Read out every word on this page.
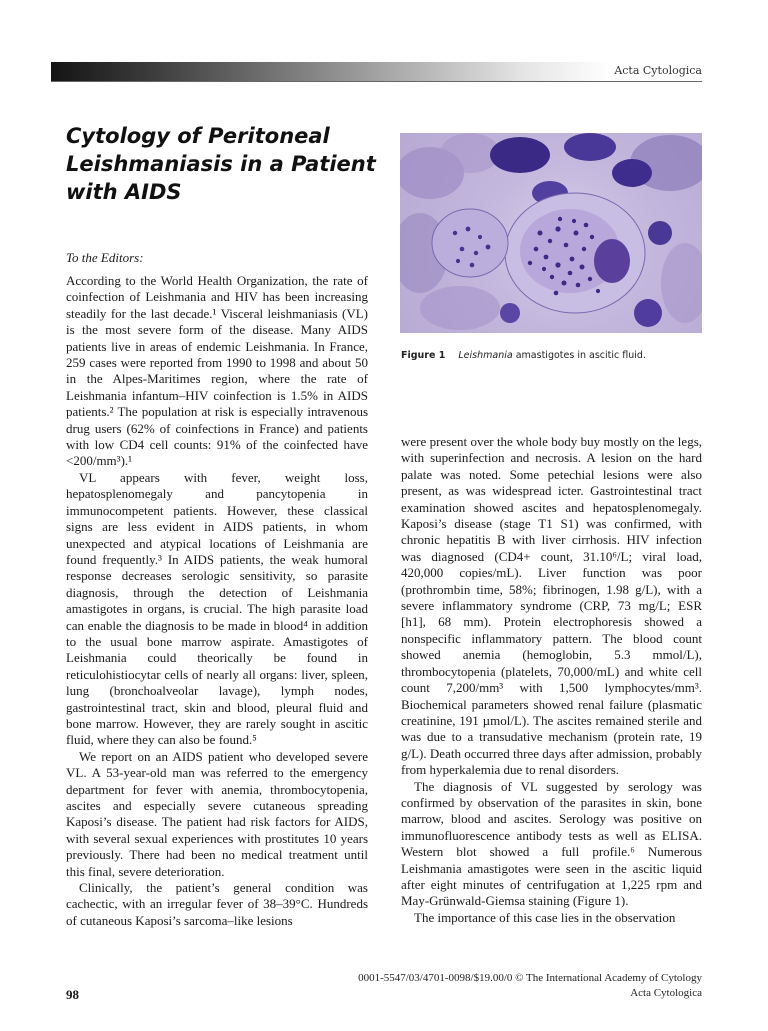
Acta Cytologica
Cytology of Peritoneal Leishmaniasis in a Patient with AIDS
To the Editors:

According to the World Health Organization, the rate of coinfection of Leishmania and HIV has been increasing steadily for the last decade.¹ Visceral leishmaniasis (VL) is the most severe form of the disease. Many AIDS patients live in areas of endemic Leishmania. In France, 259 cases were reported from 1990 to 1998 and about 50 in the Alpes-Maritimes region, where the rate of Leishmania infantum–HIV coinfection is 1.5% in AIDS patients.² The population at risk is especially intravenous drug users (62% of coinfections in France) and patients with low CD4 cell counts: 91% of the coinfected have <200/mm³).¹

VL appears with fever, weight loss, hepatosplenomegaly and pancytopenia in immunocompetent patients. However, these classical signs are less evident in AIDS patients, in whom unexpected and atypical locations of Leishmania are found frequently.³ In AIDS patients, the weak humoral response decreases serologic sensitivity, so parasite diagnosis, through the detection of Leishmania amastigotes in organs, is crucial. The high parasite load can enable the diagnosis to be made in blood⁴ in addition to the usual bone marrow aspirate. Amastigotes of Leishmania could theorically be found in reticulohistiocytar cells of nearly all organs: liver, spleen, lung (bronchoalveolar lavage), lymph nodes, gastrointestinal tract, skin and blood, pleural fluid and bone marrow. However, they are rarely sought in ascitic fluid, where they can also be found.⁵

We report on an AIDS patient who developed severe VL. A 53-year-old man was referred to the emergency department for fever with anemia, thrombocytopenia, ascites and especially severe cutaneous spreading Kaposi’s disease. The patient had risk factors for AIDS, with several sexual experiences with prostitutes 10 years previously. There had been no medical treatment until this final, severe deterioration.

Clinically, the patient’s general condition was cachectic, with an irregular fever of 38–39°C. Hundreds of cutaneous Kaposi’s sarcoma–like lesions

Figure 1 Leishmania amastigotes in ascitic fluid.

were present over the whole body buy mostly on the legs, with superinfection and necrosis. A lesion on the hard palate was noted. Some petechial lesions were also present, as was widespread icter. Gastrointestinal tract examination showed ascites and hepatosplenomegaly. Kaposi’s disease (stage T1 S1) was confirmed, with chronic hepatitis B with liver cirrhosis. HIV infection was diagnosed (CD4+ count, 31.10⁶/L; viral load, 420,000 copies/mL). Liver function was poor (prothrombin time, 58%; fibrinogen, 1.98 g/L), with a severe inflammatory syndrome (CRP, 73 mg/L; ESR [h1], 68 mm). Protein electrophoresis showed a nonspecific inflammatory pattern. The blood count showed anemia (hemoglobin, 5.3 mmol/L), thrombocytopenia (platelets, 70,000/mL) and white cell count 7,200/mm³ with 1,500 lymphocytes/mm³. Biochemical parameters showed renal failure (plasmatic creatinine, 191 µmol/L). The ascites remained sterile and was due to a transudative mechanism (protein rate, 19 g/L). Death occurred three days after admission, probably from hyperkalemia due to renal disorders.

The diagnosis of VL suggested by serology was confirmed by observation of the parasites in skin, bone marrow, blood and ascites. Serology was positive on immunofluorescence antibody tests as well as ELISA. Western blot showed a full profile.⁶ Numerous Leishmania amastigotes were seen in the ascitic liquid after eight minutes of centrifugation at 1,225 rpm and May-Grünwald-Giemsa staining (Figure 1).

The importance of this case lies in the observation

0001-5547/03/4701-0098/$19.00/0 © The International Academy of Cytology
98	Acta Cytologica
